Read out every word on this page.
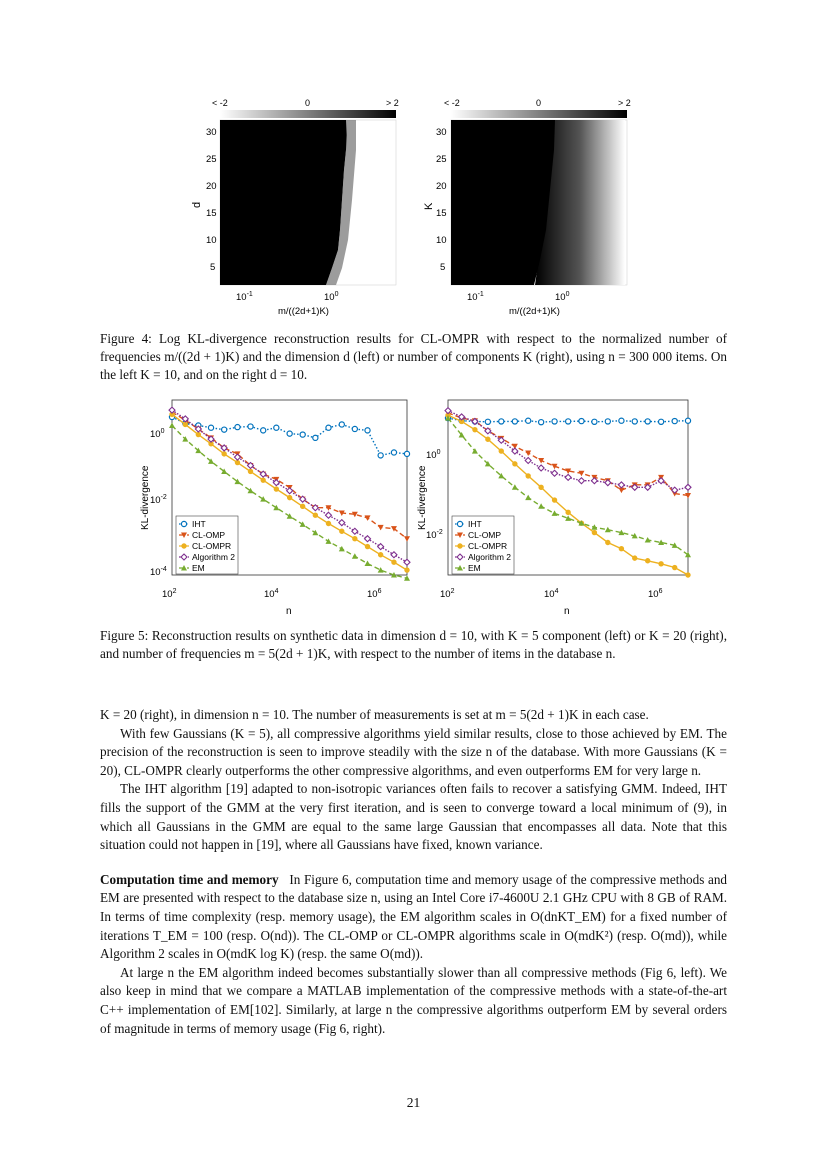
< -2	0	> 2
d
30
25
20
15
10
5
$10^{-1}$	$10^0$
m/((2d+1)K)
< -2	0	> 2
K
30
25
20
15
10
5
$10^{-1}$	$10^0$
m/((2d+1)K)
Figure 4: Log KL-divergence reconstruction results for CL-OMPR with respect to the normalized number of frequencies m/((2d + 1)K) and the dimension d (left) or number of components K (right), using n = 300 000 items. On the left K = 10, and on the right d = 10.
KL-divergence
$10^0$
$10^{-2}$
$10^{-4}$
$10^2$	$10^4$	$10^6$
n
IHT
CL-OMP
CL-OMPR
Algorithm 2
EM
KL-divergence
$10^0$
$10^{-2}$
$10^2$	$10^4$	$10^6$
n
IHT
CL-OMP
CL-OMPR
Algorithm 2
EM
Figure 5: Reconstruction results on synthetic data in dimension d = 10, with K = 5 component (left) or K = 20 (right), and number of frequencies m = 5(2d + 1)K, with respect to the number of items in the database n.

K = 20 (right), in dimension n = 10. The number of measurements is set at m = 5(2d + 1)K in each case.

With few Gaussians (K = 5), all compressive algorithms yield similar results, close to those achieved by EM. The precision of the reconstruction is seen to improve steadily with the size n of the database. With more Gaussians (K = 20), CL-OMPR clearly outperforms the other compressive algorithms, and even outperforms EM for very large n.

The IHT algorithm [19] adapted to non-isotropic variances often fails to recover a satisfying GMM. Indeed, IHT fills the support of the GMM at the very first iteration, and is seen to converge toward a local minimum of (9), in which all Gaussians in the GMM are equal to the same large Gaussian that encompasses all data. Note that this situation could not happen in [19], where all Gaussians have fixed, known variance.

Computation time and memory In Figure 6, computation time and memory usage of the compressive methods and EM are presented with respect to the database size n, using an Intel Core i7-4600U 2.1 GHz CPU with 8 GB of RAM. In terms of time complexity (resp. memory usage), the EM algorithm scales in O(dnKT_EM) for a fixed number of iterations T_EM = 100 (resp. O(nd)). The CL-OMP or CL-OMPR algorithms scale in O(mdK²) (resp. O(md)), while Algorithm 2 scales in O(mdK log K) (resp. the same O(md)).

At large n the EM algorithm indeed becomes substantially slower than all compressive methods (Fig 6, left). We also keep in mind that we compare a MATLAB implementation of the compressive methods with a state-of-the-art C++ implementation of EM[102]. Similarly, at large n the compressive algorithms outperform EM by several orders of magnitude in terms of memory usage (Fig 6, right).

21
